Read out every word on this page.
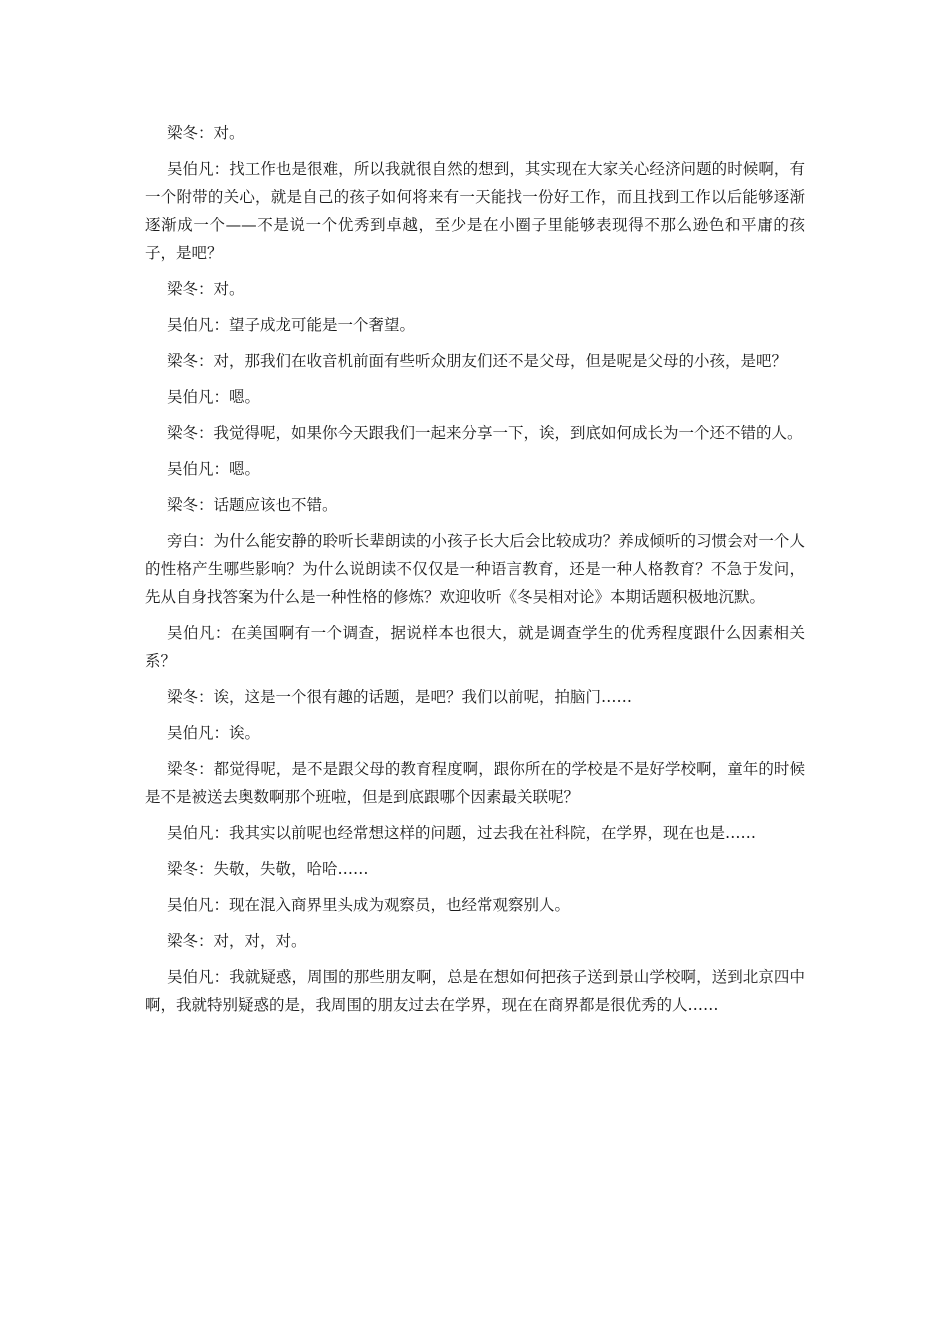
梁冬：对。

吴伯凡：找工作也是很难，所以我就很自然的想到，其实现在大家关心经济问题的时候啊，有一个附带的关心，就是自己的孩子如何将来有一天能找一份好工作，而且找到工作以后能够逐渐逐渐成一个——不是说一个优秀到卓越，至少是在小圈子里能够表现得不那么逊色和平庸的孩子，是吧？

梁冬：对。

吴伯凡：望子成龙可能是一个奢望。

梁冬：对，那我们在收音机前面有些听众朋友们还不是父母，但是呢是父母的小孩，是吧？

吴伯凡：嗯。

梁冬：我觉得呢，如果你今天跟我们一起来分享一下，诶，到底如何成长为一个还不错的人。

吴伯凡：嗯。

梁冬：话题应该也不错。

旁白：为什么能安静的聆听长辈朗读的小孩子长大后会比较成功？养成倾听的习惯会对一个人的性格产生哪些影响？为什么说朗读不仅仅是一种语言教育，还是一种人格教育？不急于发问，先从自身找答案为什么是一种性格的修炼？欢迎收听《冬吴相对论》本期话题积极地沉默。

吴伯凡：在美国啊有一个调查，据说样本也很大，就是调查学生的优秀程度跟什么因素相关系？

梁冬：诶，这是一个很有趣的话题，是吧？我们以前呢，拍脑门……

吴伯凡：诶。

梁冬：都觉得呢，是不是跟父母的教育程度啊，跟你所在的学校是不是好学校啊，童年的时候是不是被送去奥数啊那个班啦，但是到底跟哪个因素最关联呢？

吴伯凡：我其实以前呢也经常想这样的问题，过去我在社科院，在学界，现在也是……

梁冬：失敬，失敬，哈哈……

吴伯凡：现在混入商界里头成为观察员，也经常观察别人。

梁冬：对，对，对。

吴伯凡：我就疑惑，周围的那些朋友啊，总是在想如何把孩子送到景山学校啊，送到北京四中啊，我就特别疑惑的是，我周围的朋友过去在学界，现在在商界都是很优秀的人……
